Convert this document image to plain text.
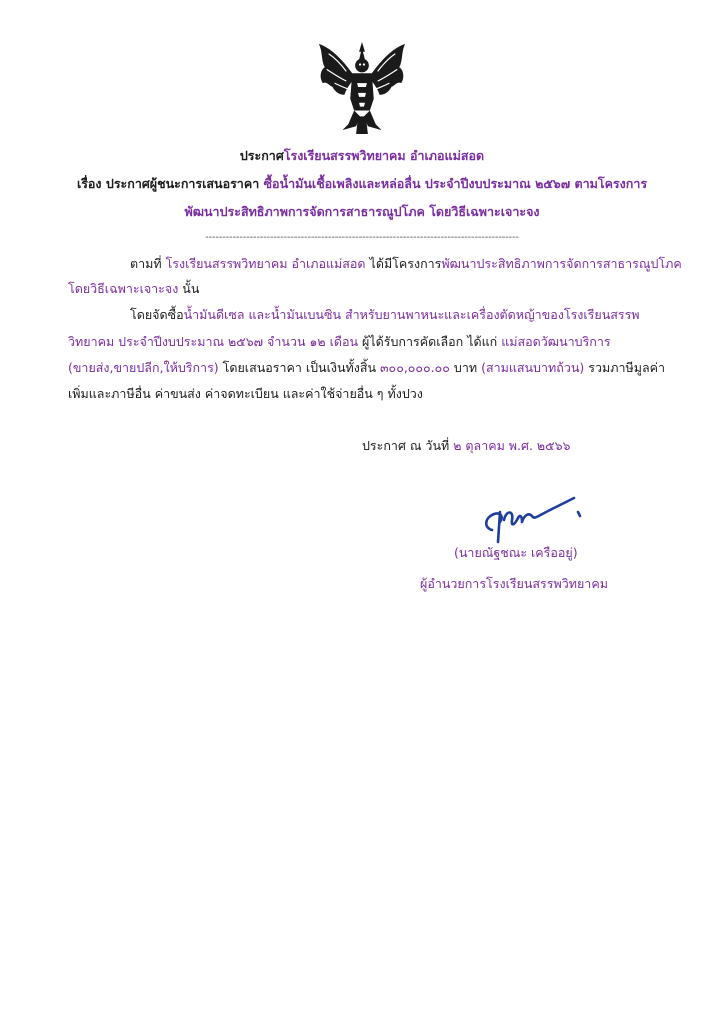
ประกาศโรงเรียนสรรพวิทยาคม อำเภอแม่สอด
เรื่อง ประกาศผู้ชนะการเสนอราคา ซื้อน้ำมันเชื้อเพลิงและหล่อลื่น ประจำปีงบประมาณ ๒๕๖๗ ตามโครงการ
พัฒนาประสิทธิภาพการจัดการสาธารณูปโภค โดยวิธีเฉพาะเจาะจง
--------------------------------------------------------------------------------------------
ตามที่ โรงเรียนสรรพวิทยาคม อำเภอแม่สอด ได้มีโครงการพัฒนาประสิทธิภาพการจัดการสาธารณูปโภค
โดยวิธีเฉพาะเจาะจง นั้น
โดยจัดซื้อน้ำมันดีเซล และน้ำมันเบนซิน สำหรับยานพาหนะและเครื่องตัดหญ้าของโรงเรียนสรรพ
วิทยาคม ประจำปีงบประมาณ ๒๕๖๗ จำนวน ๑๒ เดือน ผู้ได้รับการคัดเลือก ได้แก่ แม่สอดวัฒนาบริการ
(ขายส่ง,ขายปลีก,ให้บริการ) โดยเสนอราคา เป็นเงินทั้งสิ้น ๓๐๐,๐๐๐.๐๐ บาท (สามแสนบาทถ้วน) รวมภาษีมูลค่า
เพิ่มและภาษีอื่น ค่าขนส่ง ค่าจดทะเบียน และค่าใช้จ่ายอื่น ๆ ทั้งปวง
ประกาศ ณ วันที่ ๒ ตุลาคม พ.ศ. ๒๕๖๖
(นายณัฐชณะ เครืออยู่)
ผู้อำนวยการโรงเรียนสรรพวิทยาคม
